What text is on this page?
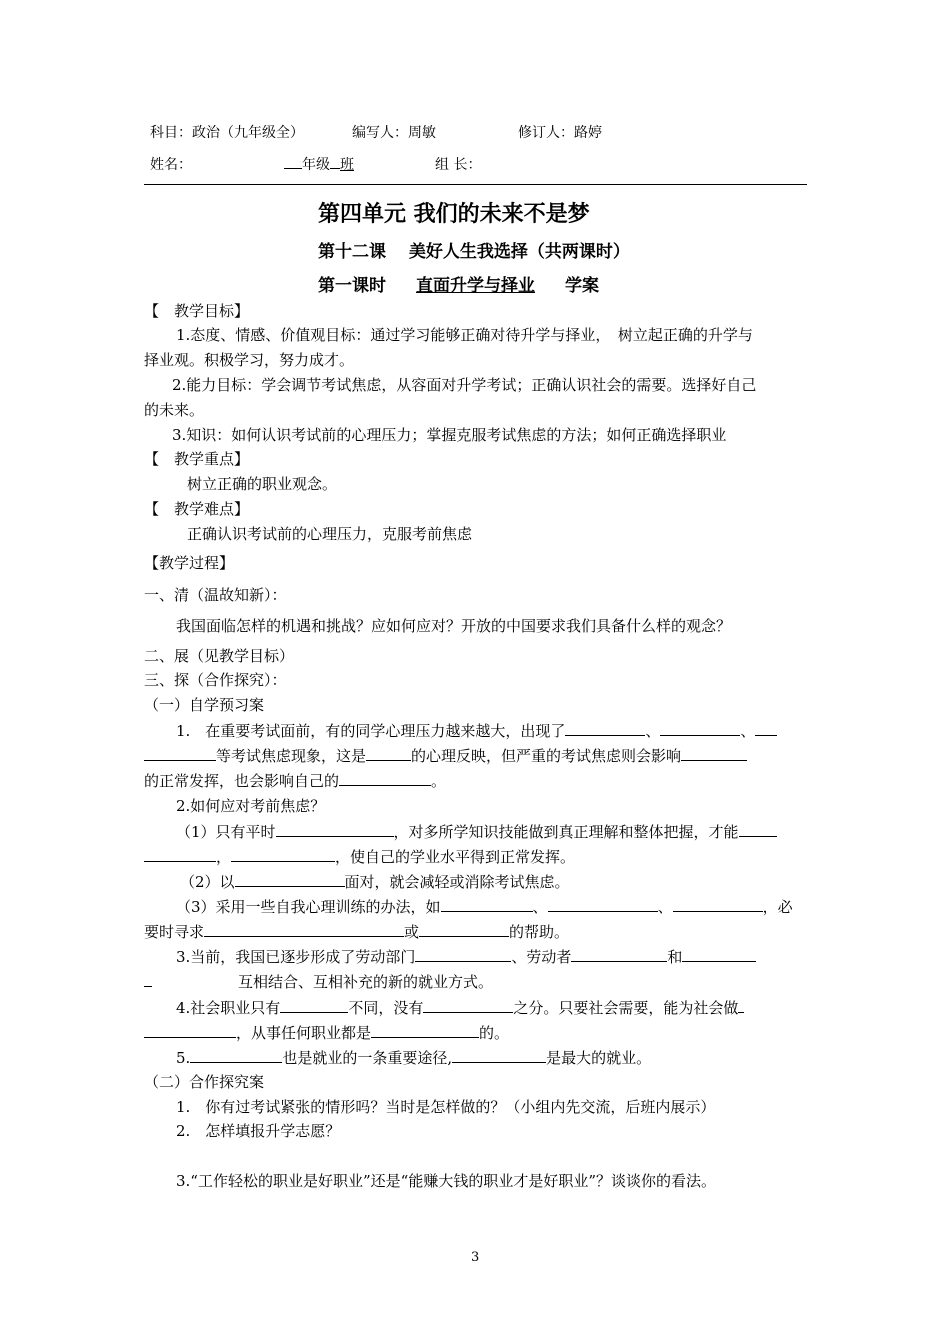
科目：政治（九年级全）	编写人：周敏	修订人：路婷
姓名：	年级 班	组 长：
第四单元 我们的未来不是梦
第十二课　 美好人生我选择（共两课时）
第一课时 直面升学与择业 学案
【　教学目标】
1.态度、情感、价值观目标：通过学习能够正确对待升学与择业，　树立起正确的升学与
择业观。积极学习，努力成才。
2.能力目标：学会调节考试焦虑，从容面对升学考试；正确认识社会的需要。选择好自己
的未来。
3.知识：如何认识考试前的心理压力；掌握克服考试焦虑的方法；如何正确选择职业
【　教学重点】
树立正确的职业观念。
【　教学难点】
正确认识考试前的心理压力，克服考前焦虑
【教学过程】
一、清（温故知新）：
我国面临怎样的机遇和挑战？应如何应对？开放的中国要求我们具备什么样的观念？
二、展（见教学目标）
三、探（合作探究）：
（一）自学预习案
1.　在重要考试面前，有的同学心理压力越来越大，出现了	、	、
等考试焦虑现象，这是	的心理反映，但严重的考试焦虑则会影响
的正常发挥，也会影响自己的	。
2.如何应对考前焦虑？
（1）只有平时	，对多所学知识技能做到真正理解和整体把握，才能
，	，使自己的学业水平得到正常发挥。
（2）以	面对，就会减轻或消除考试焦虑。
（3）采用一些自我心理训练的办法，如	、	、	，必
要时寻求	或	的帮助。
3.当前，我国已逐步形成了劳动部门	、劳动者	和
互相结合、互相补充的新的就业方式。
4.社会职业只有	不同，没有	之分。只要社会需要，能为社会做
，从事任何职业都是	的。
5.	也是就业的一条重要途径,	是最大的就业。
（二）合作探究案
1.　你有过考试紧张的情形吗？当时是怎样做的？（小组内先交流，后班内展示）
2.　怎样填报升学志愿？
3.“工作轻松的职业是好职业”还是“能赚大钱的职业才是好职业”？谈谈你的看法。
3
